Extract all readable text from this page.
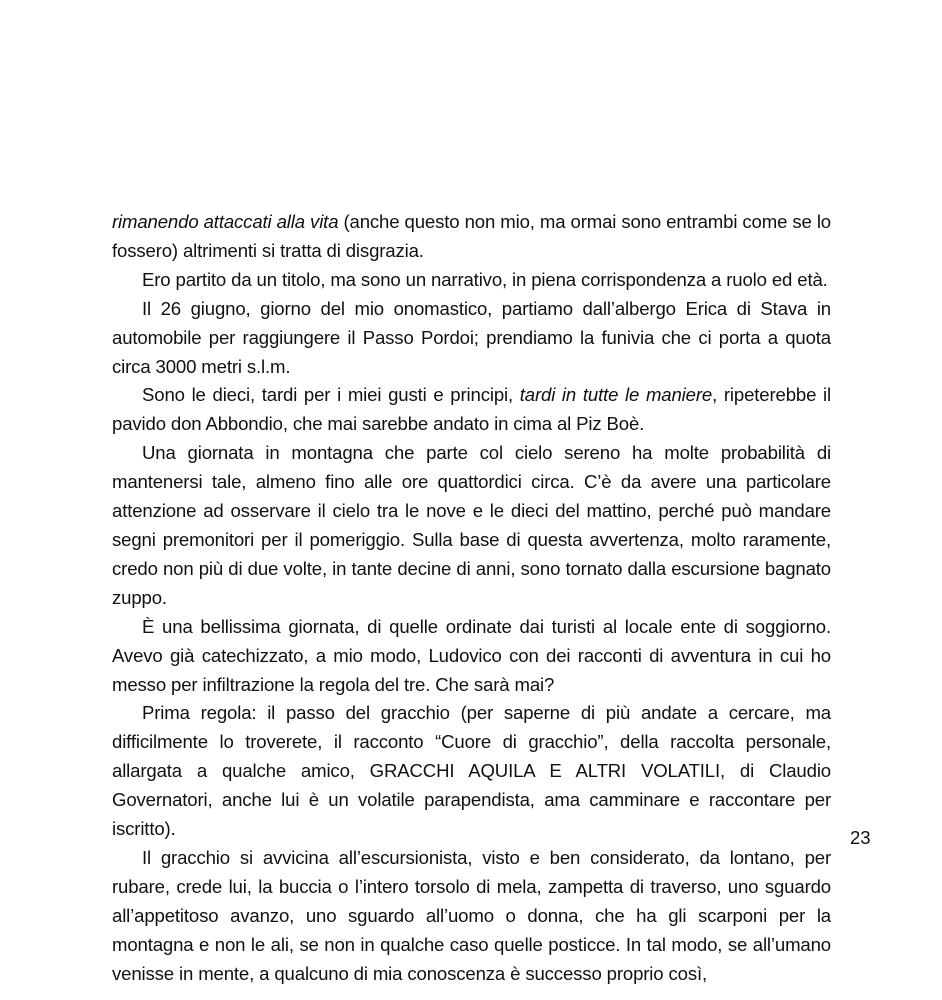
rimanendo attaccati alla vita (anche questo non mio, ma ormai sono entrambi come se lo fossero) altrimenti si tratta di disgrazia.

Ero partito da un titolo, ma sono un narrativo, in piena corrispondenza a ruolo ed età.

Il 26 giugno, giorno del mio onomastico, partiamo dall’albergo Erica di Stava in automobile per raggiungere il Passo Pordoi; prendiamo la funivia che ci porta a quota circa 3000 metri s.l.m.

Sono le dieci, tardi per i miei gusti e principi, tardi in tutte le maniere, ripeterebbe il pavido don Abbondio, che mai sarebbe andato in cima al Piz Boè.

Una giornata in montagna che parte col cielo sereno ha molte probabilità di mantenersi tale, almeno fino alle ore quattordici circa. C’è da avere una particolare attenzione ad osservare il cielo tra le nove e le dieci del mattino, perché può mandare segni premonitori per il pomeriggio. Sulla base di questa avvertenza, molto raramente, credo non più di due volte, in tante decine di anni, sono tornato dalla escursione bagnato zuppo.

È una bellissima giornata, di quelle ordinate dai turisti al locale ente di soggiorno. Avevo già catechizzato, a mio modo, Ludovico con dei racconti di avventura in cui ho messo per infiltrazione la regola del tre. Che sarà mai?

Prima regola: il passo del gracchio (per saperne di più andate a cercare, ma difficilmente lo troverete, il racconto “Cuore di gracchio”, della raccolta personale, allargata a qualche amico, GRACCHI AQUILA E ALTRI VOLATILI, di Claudio Governatori, anche lui è un volatile parapendista, ama camminare e raccontare per iscritto).

Il gracchio si avvicina all’escursionista, visto e ben considerato, da lontano, per rubare, crede lui, la buccia o l’intero torsolo di mela, zampetta di traverso, uno sguardo all’appetitoso avanzo, uno sguardo all’uomo o donna, che ha gli scarponi per la montagna e non le ali, se non in qualche caso quelle posticce. In tal modo, se all’umano venisse in mente, a qualcuno di mia conoscenza è successo proprio così,

23
